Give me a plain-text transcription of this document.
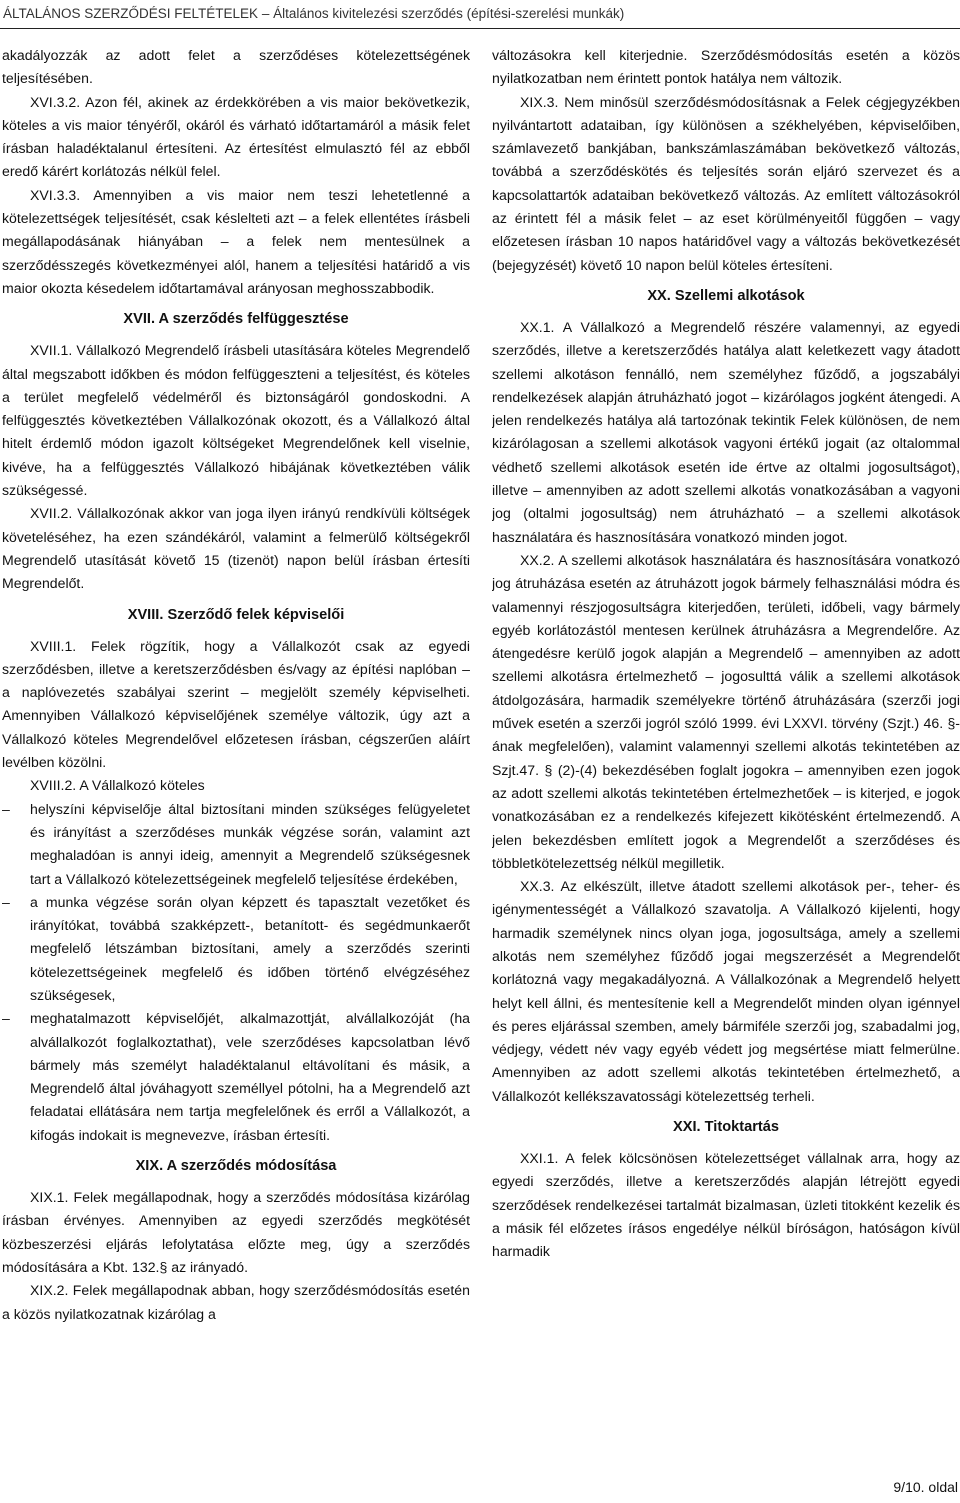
ÁLTALÁNOS SZERZŐDÉSI FELTÉTELEK – Általános kivitelezési szerződés (építési-szerelési munkák)

akadályozzák az adott felet a szerződéses kötelezettségének teljesítésében.

XVI.3.2. Azon fél, akinek az érdekkörében a vis maior bekövetkezik, köteles a vis maior tényéről, okáról és várható időtartamáról a másik felet írásban haladéktalanul értesíteni. Az értesítést elmulasztó fél az ebből eredő kárért korlátozás nélkül felel.

XVI.3.3. Amennyiben a vis maior nem teszi lehetetlenné a kötelezettségek teljesítését, csak késlelteti azt – a felek ellentétes írásbeli megállapodásának hiányában – a felek nem mentesülnek a szerződésszegés következményei alól, hanem a teljesítési határidő a vis maior okozta késedelem időtartamával arányosan meghosszabbodik.

XVII. A szerződés felfüggesztése

XVII.1. Vállalkozó Megrendelő írásbeli utasítására köteles Megrendelő által megszabott időkben és módon felfüggeszteni a teljesítést, és köteles a terület megfelelő védelméről és biztonságáról gondoskodni. A felfüggesztés következtében Vállalkozónak okozott, és a Vállalkozó által hitelt érdemlő módon igazolt költségeket Megrendelőnek kell viselnie, kivéve, ha a felfüggesztés Vállalkozó hibájának következtében válik szükségessé.

XVII.2. Vállalkozónak akkor van joga ilyen irányú rendkívüli költségek követeléséhez, ha ezen szándékáról, valamint a felmerülő költségekről Megrendelő utasítását követő 15 (tizenöt) napon belül írásban értesíti Megrendelőt.

XVIII. Szerződő felek képviselői

XVIII.1. Felek rögzítik, hogy a Vállalkozót csak az egyedi szerződésben, illetve a keretszerződésben és/vagy az építési naplóban – a naplóvezetés szabályai szerint – megjelölt személy képviselheti. Amennyiben Vállalkozó képviselőjének személye változik, úgy azt a Vállalkozó köteles Megrendelővel előzetesen írásban, cégszerűen aláírt levélben közölni.

XVIII.2. A Vállalkozó köteles

–	helyszíni képviselője által biztosítani minden szükséges felügyeletet és irányítást a szerződéses munkák végzése során, valamint azt meghaladóan is annyi ideig, amennyit a Megrendelő szükségesnek tart a Vállalkozó kötelezettségeinek megfelelő teljesítése érdekében,
–	a munka végzése során olyan képzett és tapasztalt vezetőket és irányítókat, továbbá szakképzett-, betanított- és segédmunkaerőt megfelelő létszámban biztosítani, amely a szerződés szerinti kötelezettségeinek megfelelő és időben történő elvégzéséhez szükségesek,
–	meghatalmazott képviselőjét, alkalmazottját, alvállalkozóját (ha alvállalkozót foglalkoztathat), vele szerződéses kapcsolatban lévő bármely más személyt haladéktalanul eltávolítani és másik, a Megrendelő által jóváhagyott személlyel pótolni, ha a Megrendelő azt feladatai ellátására nem tartja megfelelőnek és erről a Vállalkozót, a kifogás indokait is megnevezve, írásban értesíti.
XIX. A szerződés módosítása

XIX.1. Felek megállapodnak, hogy a szerződés módosítása kizárólag írásban érvényes. Amennyiben az egyedi szerződés megkötését közbeszerzési eljárás lefolytatása előzte meg, úgy a szerződés módosítására a Kbt. 132.§ az irányadó.

XIX.2. Felek megállapodnak abban, hogy szerződésmódosítás esetén a közös nyilatkozatnak kizárólag a

változásokra kell kiterjednie. Szerződésmódosítás esetén a közös nyilatkozatban nem érintett pontok hatálya nem változik.

XIX.3. Nem minősül szerződésmódosításnak a Felek cégjegyzékben nyilvántartott adataiban, így különösen a székhelyében, képviselőiben, számlavezető bankjában, bankszámlaszámában bekövetkező változás, továbbá a szerződéskötés és teljesítés során eljáró szervezet és a kapcsolattartók adataiban bekövetkező változás. Az említett változásokról az érintett fél a másik felet – az eset körülményeitől függően – vagy előzetesen írásban 10 napos határidővel vagy a változás bekövetkezését (bejegyzését) követő 10 napon belül köteles értesíteni.

XX. Szellemi alkotások

XX.1. A Vállalkozó a Megrendelő részére valamennyi, az egyedi szerződés, illetve a keretszerződés hatálya alatt keletkezett vagy átadott szellemi alkotáson fennálló, nem személyhez fűződő, a jogszabályi rendelkezések alapján átruházható jogot – kizárólagos jogként átengedi. A jelen rendelkezés hatálya alá tartozónak tekintik Felek különösen, de nem kizárólagosan a szellemi alkotások vagyoni értékű jogait (az oltalommal védhető szellemi alkotások esetén ide értve az oltalmi jogosultságot), illetve – amennyiben az adott szellemi alkotás vonatkozásában a vagyoni jog (oltalmi jogosultság) nem átruházható – a szellemi alkotások használatára és hasznosítására vonatkozó minden jogot.

XX.2. A szellemi alkotások használatára és hasznosítására vonatkozó jog átruházása esetén az átruházott jogok bármely felhasználási módra és valamennyi részjogosultságra kiterjedően, területi, időbeli, vagy bármely egyéb korlátozástól mentesen kerülnek átruházásra a Megrendelőre. Az átengedésre kerülő jogok alapján a Megrendelő – amennyiben az adott szellemi alkotásra értelmezhető – jogosulttá válik a szellemi alkotások átdolgozására, harmadik személyekre történő átruházására (szerzői jogi művek esetén a szerzői jogról szóló 1999. évi LXXVI. törvény (Szjt.) 46. §- ának megfelelően), valamint valamennyi szellemi alkotás tekintetében az Szjt.47. § (2)-(4) bekezdésében foglalt jogokra – amennyiben ezen jogok az adott szellemi alkotás tekintetében értelmezhetőek – is kiterjed, e jogok vonatkozásában ez a rendelkezés kifejezett kikötésként értelmezendő. A jelen bekezdésben említett jogok a Megrendelőt a szerződéses és többletkötelezettség nélkül megilletik.

XX.3. Az elkészült, illetve átadott szellemi alkotások per-, teher- és igénymentességét a Vállalkozó szavatolja. A Vállalkozó kijelenti, hogy harmadik személynek nincs olyan joga, jogosultsága, amely a szellemi alkotás nem személyhez fűződő jogai megszerzését a Megrendelőt korlátozná vagy megakadályozná. A Vállalkozónak a Megrendelő helyett helyt kell állni, és mentesítenie kell a Megrendelőt minden olyan igénnyel és peres eljárással szemben, amely bármiféle szerzői jog, szabadalmi jog, védjegy, védett név vagy egyéb védett jog megsértése miatt felmerülne. Amennyiben az adott szellemi alkotás tekintetében értelmezhető, a Vállalkozót kellékszavatossági kötelezettség terheli.

XXI. Titoktartás

XXI.1. A felek kölcsönösen kötelezettséget vállalnak arra, hogy az egyedi szerződés, illetve a keretszerződés alapján létrejött egyedi szerződések rendelkezései tartalmát bizalmasan, üzleti titokként kezelik és a másik fél előzetes írásos engedélye nélkül bíróságon, hatóságon kívül harmadik

9/10. oldal
